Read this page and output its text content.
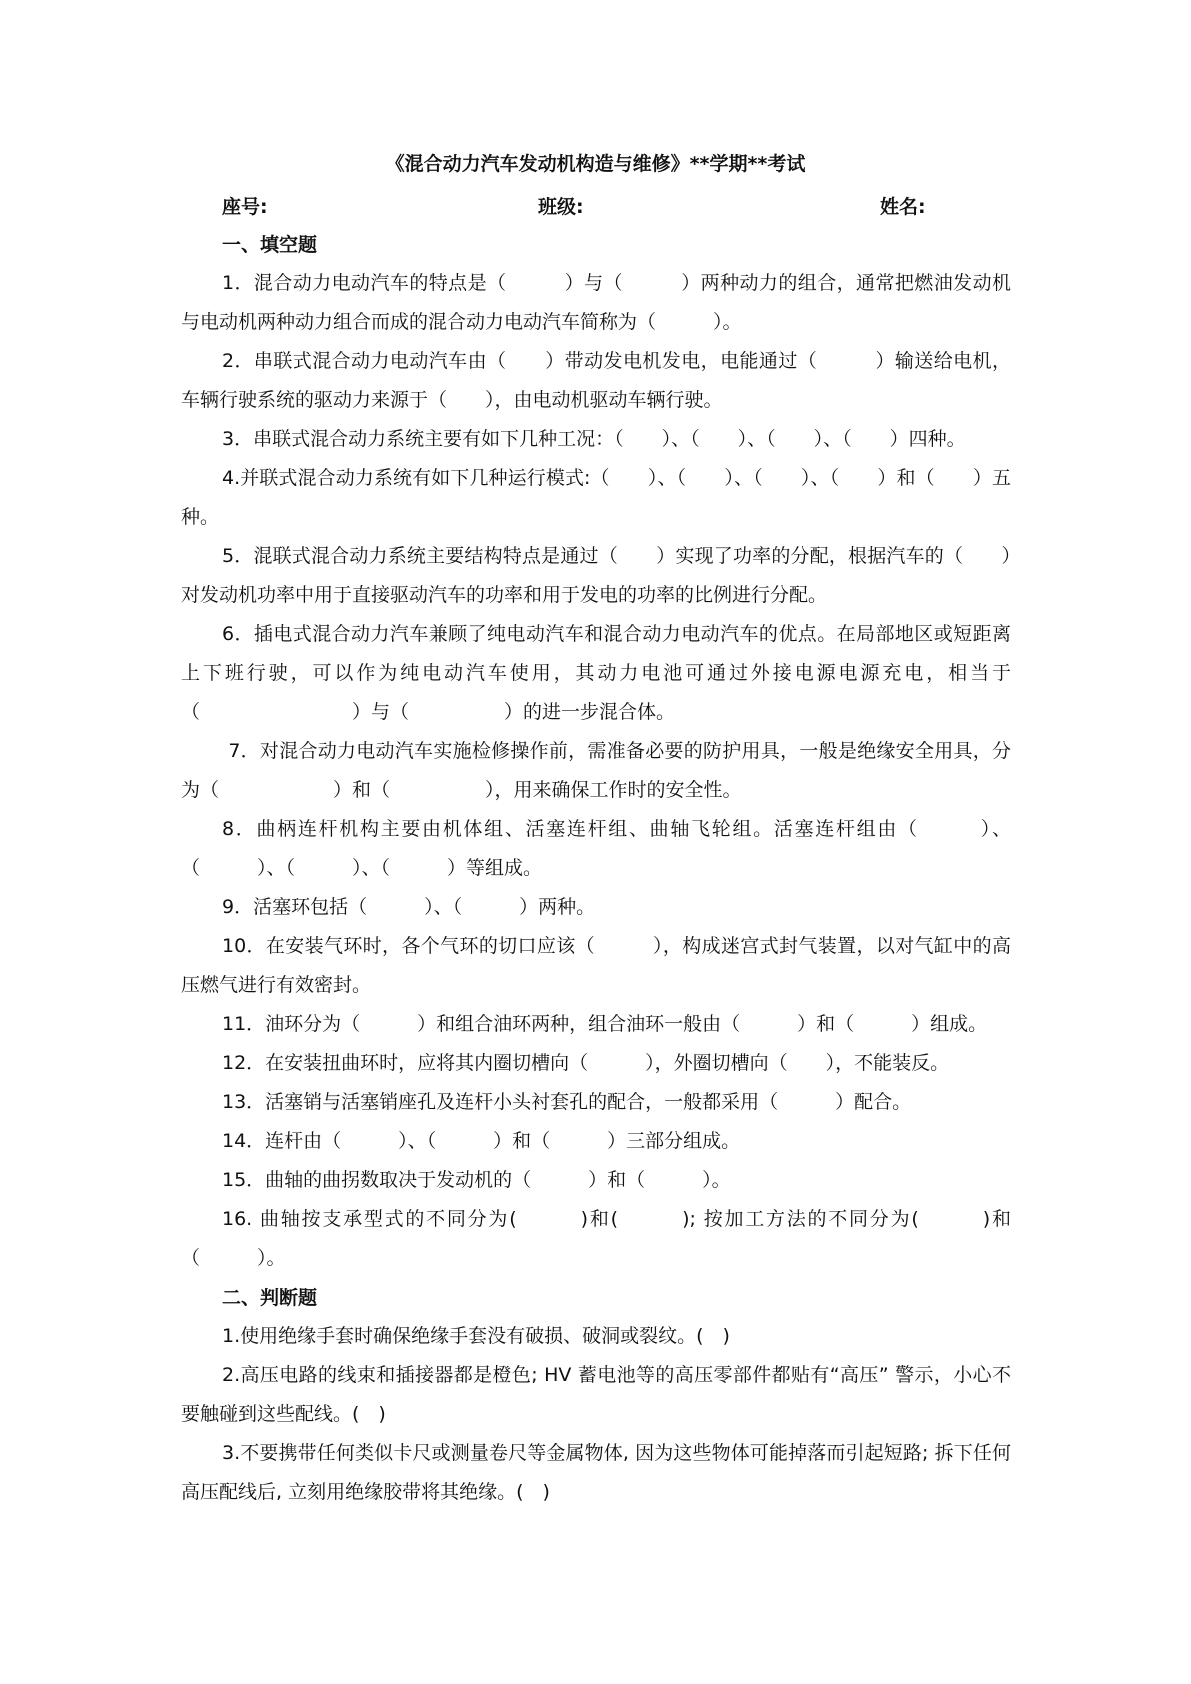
《混合动力汽车发动机构造与维修》**学期**考试
座号:	班级:	姓名:
一、填空题
1．混合动力电动汽车的特点是（　　　）与（　　　）两种动力的组合，通常把燃油发动机与电动机两种动力组合而成的混合动力电动汽车简称为（　　　）。
2．串联式混合动力电动汽车由（　　）带动发电机发电，电能通过（　　　）输送给电机，车辆行驶系统的驱动力来源于（　　），由电动机驱动车辆行驶。
3．串联式混合动力系统主要有如下几种工况：（　　）、（　　）、（　　）、（　　）四种。
4.并联式混合动力系统有如下几种运行模式:（　　）、（　　）、（　　）、（　　）和（　　）五种。
5．混联式混合动力系统主要结构特点是通过（　　）实现了功率的分配，根据汽车的（　　）对发动机功率中用于直接驱动汽车的功率和用于发电的功率的比例进行分配。
6．插电式混合动力汽车兼顾了纯电动汽车和混合动力电动汽车的优点。在局部地区或短距离上下班行驶，可以作为纯电动汽车使用，其动力电池可通过外接电源电源充电，相当于（　　　　　　　　）与（　　　　　）的进一步混合体。
7．对混合动力电动汽车实施检修操作前，需准备必要的防护用具，一般是绝缘安全用具，分为（　　　　　　）和（　　　　　），用来确保工作时的安全性。
8．曲柄连杆机构主要由机体组、活塞连杆组、曲轴飞轮组。活塞连杆组由（　　　）、（　　　）、（　　　）、（　　　）等组成。
9．活塞环包括（　　　）、（　　　）两种。
10．在安装气环时，各个气环的切口应该（　　　），构成迷宫式封气装置，以对气缸中的高压燃气进行有效密封。
11．油环分为（　　　）和组合油环两种，组合油环一般由（　　　）和（　　　）组成。
12．在安装扭曲环时，应将其内圈切槽向（　　　），外圈切槽向（　　），不能装反。
13．活塞销与活塞销座孔及连杆小头衬套孔的配合，一般都采用（　　　）配合。
14．连杆由（　　　）、（　　　）和（　　　）三部分组成。
15．曲轴的曲拐数取决于发动机的（　　　）和（　　　）。
16. 曲轴按支承型式的不同分为(　　　)和(　　　); 按加工方法的不同分为(　　　)和（　　　）。
二、判断题
1.使用绝缘手套时确保绝缘手套没有破损、破洞或裂纹。(　)
2.高压电路的线束和插接器都是橙色; HV 蓄电池等的高压零部件都贴有“高压” 警示，小心不要触碰到这些配线。(　)
3.不要携带任何类似卡尺或测量卷尺等金属物体, 因为这些物体可能掉落而引起短路; 拆下任何高压配线后, 立刻用绝缘胶带将其绝缘。(　)
